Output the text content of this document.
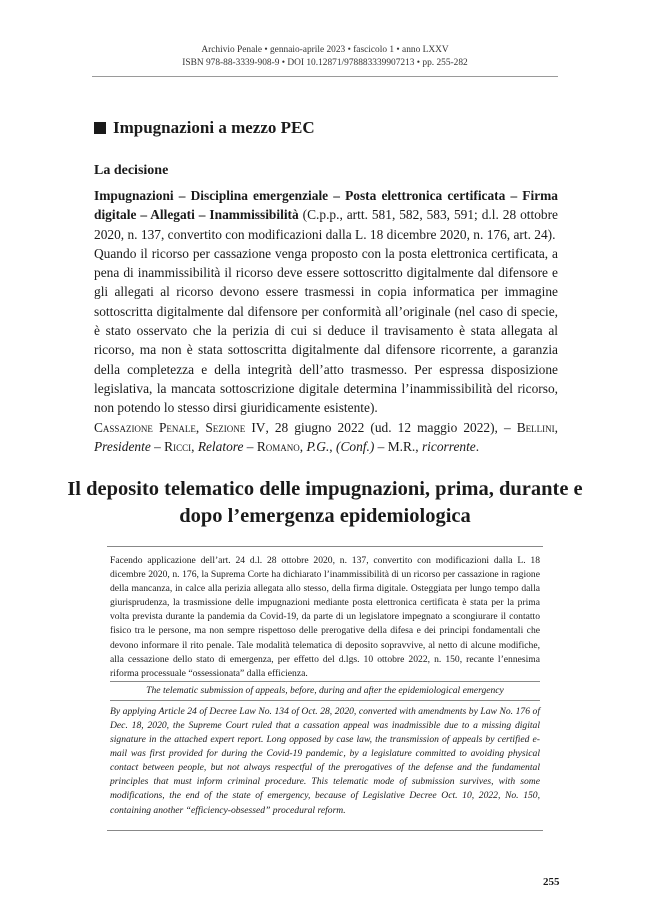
Archivio Penale • gennaio-aprile 2023 • fascicolo 1 • anno LXXV
ISBN 978-88-3339-908-9 • DOI 10.12871/978883339907213 • pp. 255-282
Impugnazioni a mezzo PEC
La decisione

Impugnazioni – Disciplina emergenziale – Posta elettronica certificata – Firma digitale – Allegati – Inammissibilità (C.p.p., artt. 581, 582, 583, 591; d.l. 28 ottobre 2020, n. 137, convertito con modificazioni dalla L. 18 dicembre 2020, n. 176, art. 24).

Quando il ricorso per cassazione venga proposto con la posta elettronica certificata, a pena di inammissibilità il ricorso deve essere sottoscritto digitalmente dal difensore e gli allegati al ricorso devono essere trasmessi in copia informatica per immagine sottoscritta digitalmente dal difensore per conformità all’originale (nel caso di specie, è stato osservato che la perizia di cui si deduce il travisamento è stata allegata al ricorso, ma non è stata sottoscritta digitalmente dal difensore ricorrente, a garanzia della completezza e della integrità dell’atto trasmesso. Per espressa disposizione legislativa, la mancata sottoscrizione digitale determina l’inammissibilità del ricorso, non potendo lo stesso dirsi giuridicamente esistente).

Cassazione Penale, Sezione IV, 28 giugno 2022 (ud. 12 maggio 2022), – Bellini, Presidente – Ricci, Relatore – Romano, P.G., (Conf.) – M.R., ricorrente.

Il deposito telematico delle impugnazioni, prima, durante e dopo l’emergenza epidemiologica
Facendo applicazione dell’art. 24 d.l. 28 ottobre 2020, n. 137, convertito con modificazioni dalla L. 18 dicembre 2020, n. 176, la Suprema Corte ha dichiarato l’inammissibilità di un ricorso per cassazione in ragione della mancanza, in calce alla perizia allegata allo stesso, della firma digitale. Osteggiata per lungo tempo dalla giurisprudenza, la trasmissione delle impugnazioni mediante posta elettronica certificata è stata per la prima volta prevista durante la pandemia da Covid-19, da parte di un legislatore impegnato a scongiurare il contatto fisico tra le persone, ma non sempre rispettoso delle prerogative della difesa e dei principi fondamentali che devono informare il rito penale. Tale modalità telematica di deposito sopravvive, al netto di alcune modifiche, alla cessazione dello stato di emergenza, per effetto del d.lgs. 10 ottobre 2022, n. 150, recante l’ennesima riforma processuale “ossessionata” dalla efficienza.
The telematic submission of appeals, before, during and after the epidemiological emergency
By applying Article 24 of Decree Law No. 134 of Oct. 28, 2020, converted with amendments by Law No. 176 of Dec. 18, 2020, the Supreme Court ruled that a cassation appeal was inadmissible due to a missing digital signature in the attached expert report. Long opposed by case law, the transmission of appeals by certified e-mail was first provided for during the Covid-19 pandemic, by a legislature committed to avoiding physical contact between people, but not always respectful of the prerogatives of the defense and the fundamental principles that must inform criminal procedure. This telematic mode of submission survives, with some modifications, the end of the state of emergency, because of Legislative Decree Oct. 10, 2022, No. 150, containing another “efficiency-obsessed” procedural reform.
255
